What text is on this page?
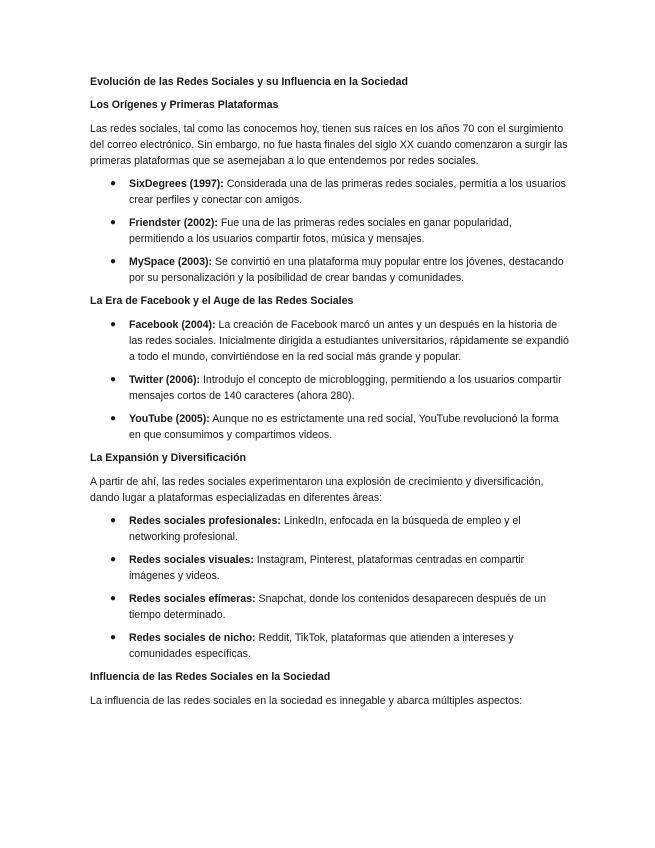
Evolución de las Redes Sociales y su Influencia en la Sociedad
Los Orígenes y Primeras Plataformas

Las redes sociales, tal como las conocemos hoy, tienen sus raíces en los años 70 con el surgimiento del correo electrónico. Sin embargo, no fue hasta finales del siglo XX cuando comenzaron a surgir las primeras plataformas que se asemejaban a lo que entendemos por redes sociales.

● SixDegrees (1997): Considerada una de las primeras redes sociales, permitía a los usuarios crear perfiles y conectar con amigos.
● Friendster (2002): Fue una de las primeras redes sociales en ganar popularidad, permitiendo a los usuarios compartir fotos, música y mensajes.
● MySpace (2003): Se convirtió en una plataforma muy popular entre los jóvenes, destacando por su personalización y la posibilidad de crear bandas y comunidades.
La Era de Facebook y el Auge de las Redes Sociales
● Facebook (2004): La creación de Facebook marcó un antes y un después en la historia de las redes sociales. Inicialmente dirigida a estudiantes universitarios, rápidamente se expandió a todo el mundo, convirtiéndose en la red social más grande y popular.
● Twitter (2006): Introdujo el concepto de microblogging, permitiendo a los usuarios compartir mensajes cortos de 140 caracteres (ahora 280).
● YouTube (2005): Aunque no es estrictamente una red social, YouTube revolucionó la forma en que consumimos y compartimos videos.
La Expansión y Diversificación

A partir de ahí, las redes sociales experimentaron una explosión de crecimiento y diversificación, dando lugar a plataformas especializadas en diferentes áreas:

● Redes sociales profesionales: LinkedIn, enfocada en la búsqueda de empleo y el networking profesional.
● Redes sociales visuales: Instagram, Pinterest, plataformas centradas en compartir imágenes y videos.
● Redes sociales efímeras: Snapchat, donde los contenidos desaparecen después de un tiempo determinado.
● Redes sociales de nicho: Reddit, TikTok, plataformas que atienden a intereses y comunidades específicas.
Influencia de las Redes Sociales en la Sociedad

La influencia de las redes sociales en la sociedad es innegable y abarca múltiples aspectos:
